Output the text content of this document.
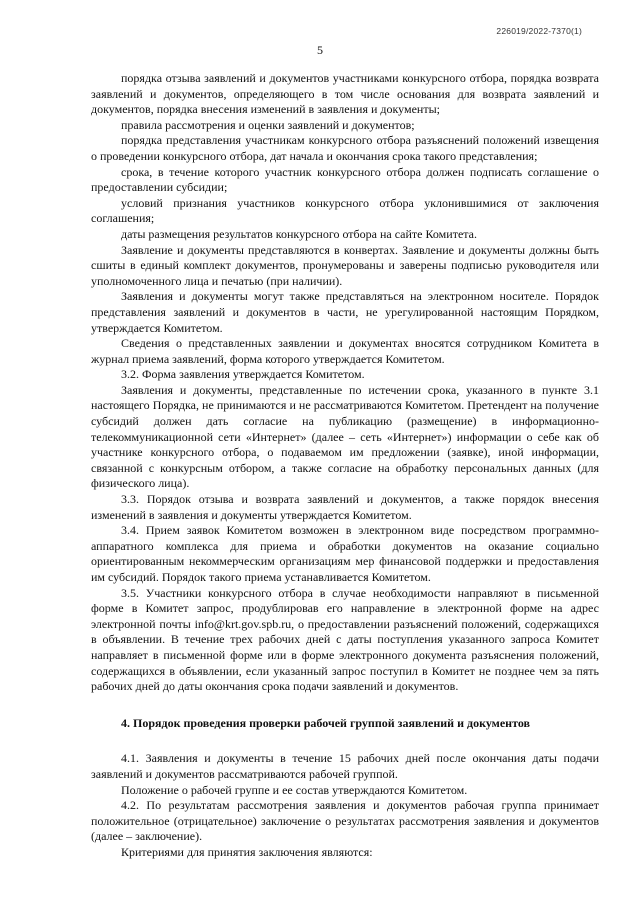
226019/2022-7370(1)
5

порядка отзыва заявлений и документов участниками конкурсного отбора, порядка возврата заявлений и документов, определяющего в том числе основания для возврата заявлений и документов, порядка внесения изменений в заявления и документы;

правила рассмотрения и оценки заявлений и документов;

порядка представления участникам конкурсного отбора разъяснений положений извещения о проведении конкурсного отбора, дат начала и окончания срока такого представления;

срока, в течение которого участник конкурсного отбора должен подписать соглашение о предоставлении субсидии;

условий признания участников конкурсного отбора уклонившимися от заключения соглашения;

даты размещения результатов конкурсного отбора на сайте Комитета.

Заявление и документы представляются в конвертах. Заявление и документы должны быть сшиты в единый комплект документов, пронумерованы и заверены подписью руководителя или уполномоченного лица и печатью (при наличии).

Заявления и документы могут также представляться на электронном носителе. Порядок представления заявлений и документов в части, не урегулированной настоящим Порядком, утверждается Комитетом.

Сведения о представленных заявлении и документах вносятся сотрудником Комитета в журнал приема заявлений, форма которого утверждается Комитетом.

3.2. Форма заявления утверждается Комитетом.

Заявления и документы, представленные по истечении срока, указанного в пункте 3.1 настоящего Порядка, не принимаются и не рассматриваются Комитетом. Претендент на получение субсидий должен дать согласие на публикацию (размещение) в информационно-телекоммуникационной сети «Интернет» (далее – сеть «Интернет») информации о себе как об участнике конкурсного отбора, о подаваемом им предложении (заявке), иной информации, связанной с конкурсным отбором, а также согласие на обработку персональных данных (для физического лица).

3.3. Порядок отзыва и возврата заявлений и документов, а также порядок внесения изменений в заявления и документы утверждается Комитетом.

3.4. Прием заявок Комитетом возможен в электронном виде посредством программно-аппаратного комплекса для приема и обработки документов на оказание социально ориентированным некоммерческим организациям мер финансовой поддержки и предоставления им субсидий. Порядок такого приема устанавливается Комитетом.

3.5. Участники конкурсного отбора в случае необходимости направляют в письменной форме в Комитет запрос, продублировав его направление в электронной форме на адрес электронной почты info@krt.gov.spb.ru, о предоставлении разъяснений положений, содержащихся в объявлении. В течение трех рабочих дней с даты поступления указанного запроса Комитет направляет в письменной форме или в форме электронного документа разъяснения положений, содержащихся в объявлении, если указанный запрос поступил в Комитет не позднее чем за пять рабочих дней до даты окончания срока подачи заявлений и документов.

4. Порядок проведения проверки рабочей группой заявлений и документов

4.1. Заявления и документы в течение 15 рабочих дней после окончания даты подачи заявлений и документов рассматриваются рабочей группой.

Положение о рабочей группе и ее состав утверждаются Комитетом.

4.2. По результатам рассмотрения заявления и документов рабочая группа принимает положительное (отрицательное) заключение о результатах рассмотрения заявления и документов (далее – заключение).

Критериями для принятия заключения являются:
